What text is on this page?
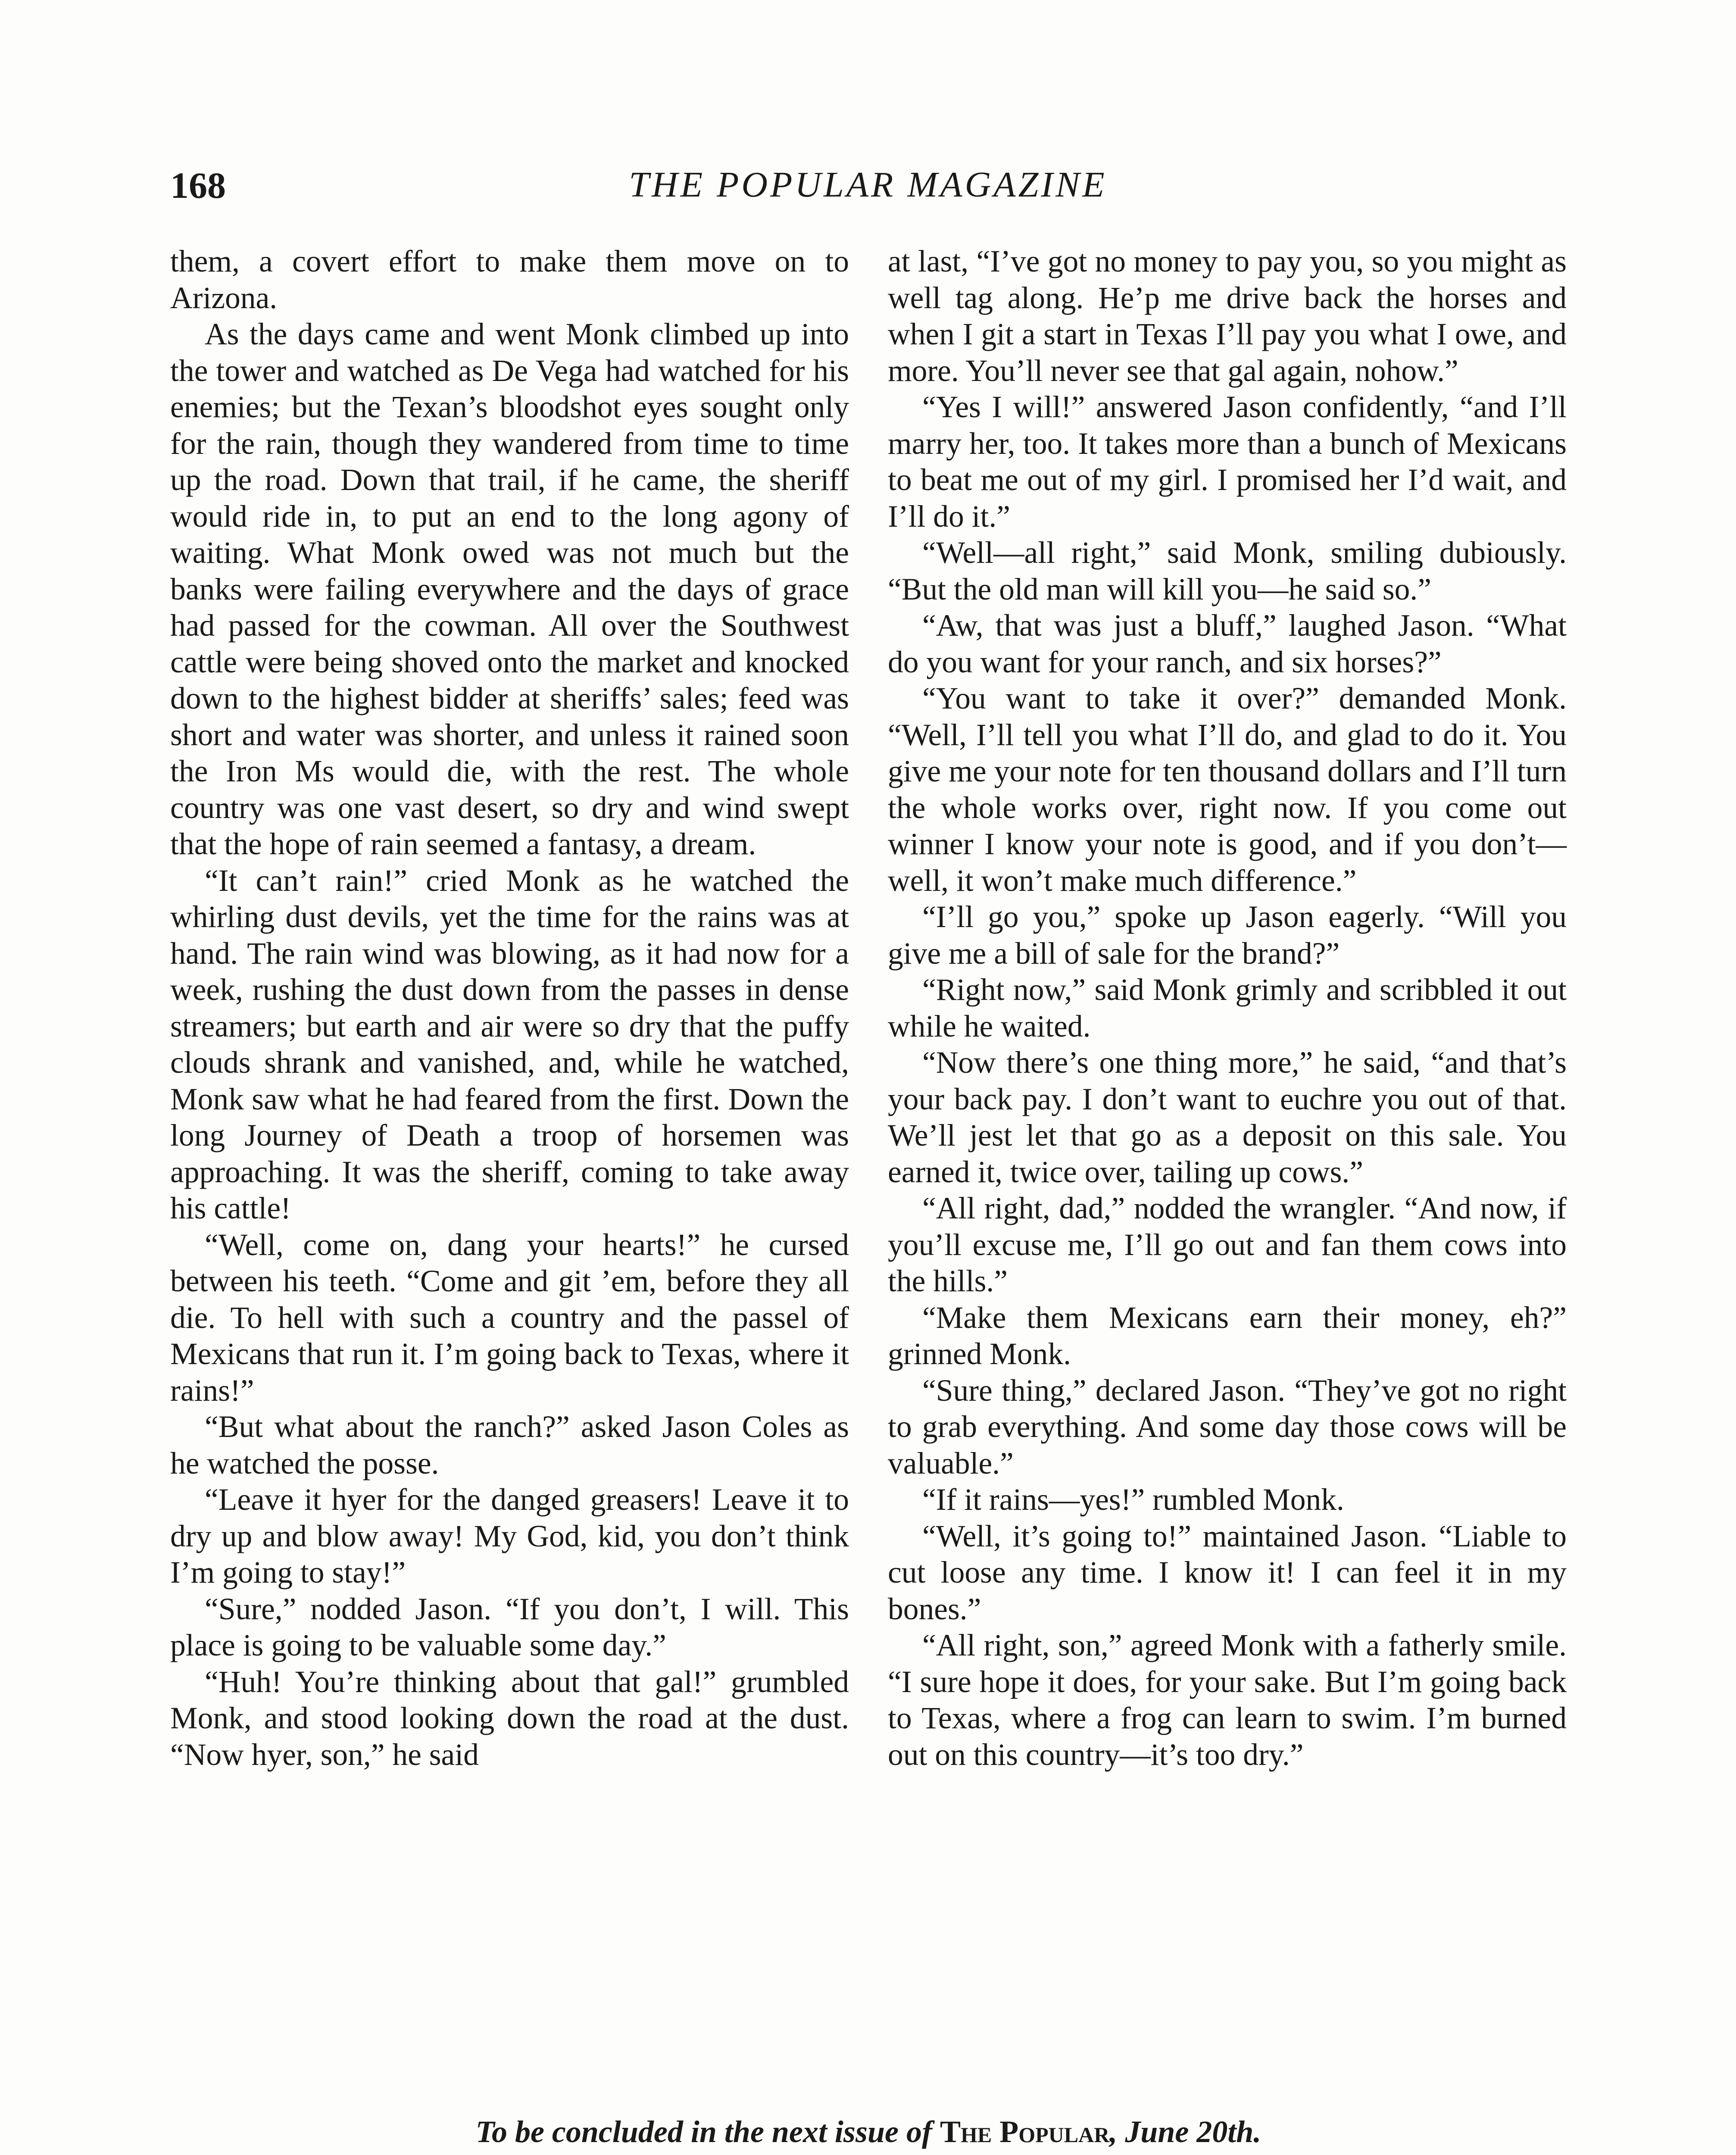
168	THE POPULAR MAGAZINE

them, a covert effort to make them move on to Arizona.

As the days came and went Monk climbed up into the tower and watched as De Vega had watched for his enemies; but the Texan’s bloodshot eyes sought only for the rain, though they wandered from time to time up the road. Down that trail, if he came, the sheriff would ride in, to put an end to the long agony of waiting. What Monk owed was not much but the banks were failing everywhere and the days of grace had passed for the cowman. All over the Southwest cattle were being shoved onto the market and knocked down to the highest bidder at sheriffs’ sales; feed was short and water was shorter, and unless it rained soon the Iron Ms would die, with the rest. The whole country was one vast desert, so dry and wind swept that the hope of rain seemed a fantasy, a dream.

“It can’t rain!” cried Monk as he watched the whirling dust devils, yet the time for the rains was at hand. The rain wind was blowing, as it had now for a week, rushing the dust down from the passes in dense streamers; but earth and air were so dry that the puffy clouds shrank and vanished, and, while he watched, Monk saw what he had feared from the first. Down the long Journey of Death a troop of horsemen was approaching. It was the sheriff, coming to take away his cattle!

“Well, come on, dang your hearts!” he cursed between his teeth. “Come and git ’em, before they all die. To hell with such a country and the passel of Mexicans that run it. I’m going back to Texas, where it rains!”

“But what about the ranch?” asked Jason Coles as he watched the posse.

“Leave it hyer for the danged greasers! Leave it to dry up and blow away! My God, kid, you don’t think I’m going to stay!”

“Sure,” nodded Jason. “If you don’t, I will. This place is going to be valuable some day.”

“Huh! You’re thinking about that gal!” grumbled Monk, and stood looking down the road at the dust. “Now hyer, son,” he said

at last, “I’ve got no money to pay you, so you might as well tag along. He’p me drive back the horses and when I git a start in Texas I’ll pay you what I owe, and more. You’ll never see that gal again, nohow.”

“Yes I will!” answered Jason confidently, “and I’ll marry her, too. It takes more than a bunch of Mexicans to beat me out of my girl. I promised her I’d wait, and I’ll do it.”

“Well—all right,” said Monk, smiling dubiously. “But the old man will kill you—he said so.”

“Aw, that was just a bluff,” laughed Jason. “What do you want for your ranch, and six horses?”

“You want to take it over?” demanded Monk. “Well, I’ll tell you what I’ll do, and glad to do it. You give me your note for ten thousand dollars and I’ll turn the whole works over, right now. If you come out winner I know your note is good, and if you don’t—well, it won’t make much difference.”

“I’ll go you,” spoke up Jason eagerly. “Will you give me a bill of sale for the brand?”

“Right now,” said Monk grimly and scribbled it out while he waited.

“Now there’s one thing more,” he said, “and that’s your back pay. I don’t want to euchre you out of that. We’ll jest let that go as a deposit on this sale. You earned it, twice over, tailing up cows.”

“All right, dad,” nodded the wrangler. “And now, if you’ll excuse me, I’ll go out and fan them cows into the hills.”

“Make them Mexicans earn their money, eh?” grinned Monk.

“Sure thing,” declared Jason. “They’ve got no right to grab everything. And some day those cows will be valuable.”

“If it rains—yes!” rumbled Monk.

“Well, it’s going to!” maintained Jason. “Liable to cut loose any time. I know it! I can feel it in my bones.”

“All right, son,” agreed Monk with a fatherly smile. “I sure hope it does, for your sake. But I’m going back to Texas, where a frog can learn to swim. I’m burned out on this country—it’s too dry.”

To be concluded in the next issue of The Popular, June 20th.
